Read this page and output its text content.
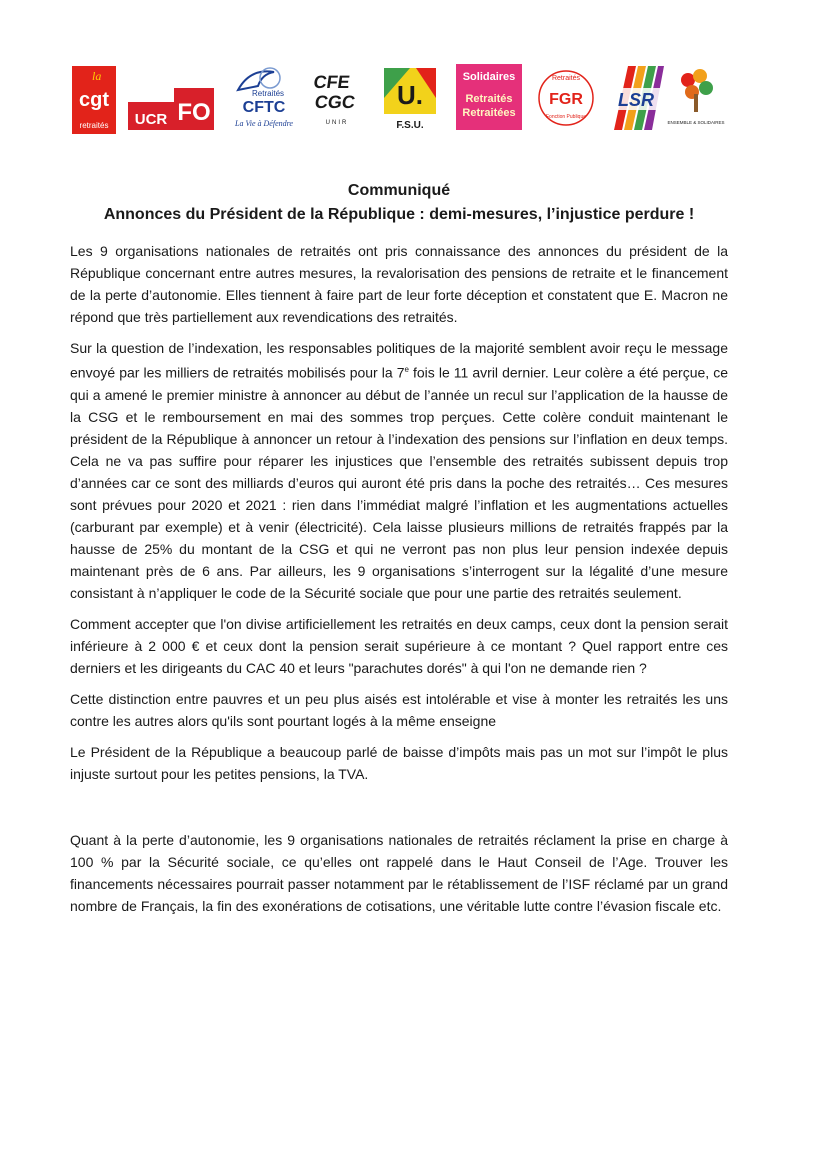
la
cgt
retraités UCR FO
Retraités
CFTC
La Vie à Défendre
CFE
CGC
UNIR
U.
F.S.U.
Solidaires
Retraités
Retraitées
Retraités
FGR
Fonction Publique
LSR
ENSEMBLE & SOLIDAIRES
Communiqué
Annonces du Président de la République : demi-mesures, l’injustice perdure !

Les 9 organisations nationales de retraités ont pris connaissance des annonces du président de la République concernant entre autres mesures, la revalorisation des pensions de retraite et le financement de la perte d’autonomie. Elles tiennent à faire part de leur forte déception et constatent que E. Macron ne répond que très partiellement aux revendications des retraités.

Sur la question de l’indexation, les responsables politiques de la majorité semblent avoir reçu le message envoyé par les milliers de retraités mobilisés pour la 7e fois le 11 avril dernier. Leur colère a été perçue, ce qui a amené le premier ministre à annoncer au début de l’année un recul sur l’application de la hausse de la CSG et le remboursement en mai des sommes trop perçues. Cette colère conduit maintenant le président de la République à annoncer un retour à l’indexation des pensions sur l’inflation en deux temps. Cela ne va pas suffire pour réparer les injustices que l’ensemble des retraités subissent depuis trop d’années car ce sont des milliards d’euros qui auront été pris dans la poche des retraités… Ces mesures sont prévues pour 2020 et 2021 : rien dans l’immédiat malgré l’inflation et les augmentations actuelles (carburant par exemple) et à venir (électricité). Cela laisse plusieurs millions de retraités frappés par la hausse de 25% du montant de la CSG et qui ne verront pas non plus leur pension indexée depuis maintenant près de 6 ans. Par ailleurs, les 9 organisations s’interrogent sur la légalité d’une mesure consistant à n’appliquer le code de la Sécurité sociale que pour une partie des retraités seulement.

Comment accepter que l'on divise artificiellement les retraités en deux camps, ceux dont la pension serait inférieure à 2 000 € et ceux dont la pension serait supérieure à ce montant ? Quel rapport entre ces derniers et les dirigeants du CAC 40 et leurs "parachutes dorés" à qui l'on ne demande rien ?

Cette distinction entre pauvres et un peu plus aisés est intolérable et vise à monter les retraités les uns contre les autres alors qu'ils sont pourtant logés à la même enseigne

Le Président de la République a beaucoup parlé de baisse d’impôts mais pas un mot sur l’impôt le plus injuste surtout pour les petites pensions, la TVA.

Quant à la perte d’autonomie, les 9 organisations nationales de retraités réclament la prise en charge à 100 % par la Sécurité sociale, ce qu’elles ont rappelé dans le Haut Conseil de l’Age. Trouver les financements nécessaires pourrait passer notamment par le rétablissement de l’ISF réclamé par un grand nombre de Français, la fin des exonérations de cotisations, une véritable lutte contre l’évasion fiscale etc.
